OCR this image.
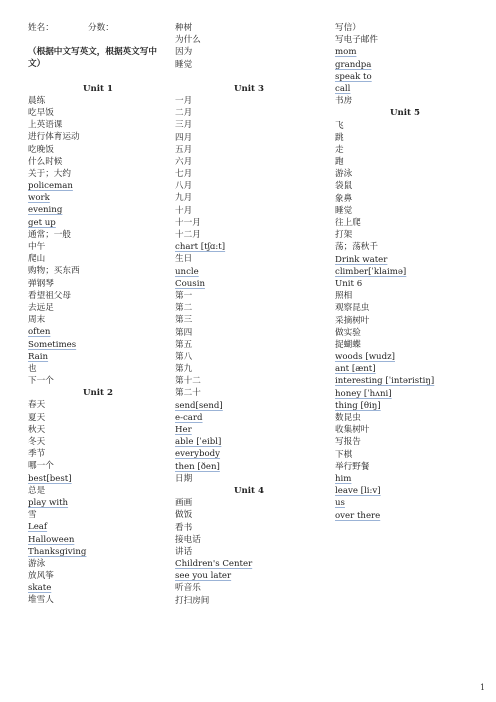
姓名：	分数：
（根据中文写英文，根据英文写中文）
Unit 1
晨练
吃早饭
上英语课
进行体育运动
吃晚饭
什么时候
关于；大约
policeman
work
evening
get up
通常；一般
中午
爬山
购物；买东西
弹钢琴
看望祖父母
去远足
周末
often
Sometimes
Rain
也
下一个
Unit 2
春天
夏天
秋天
冬天
季节
哪一个
best[best]
总是
play with
雪
Leaf
Halloween
Thanksgiving
游泳
放风筝
skate
堆雪人
种树
为什么
因为
睡觉
Unit 3
一月
二月
三月
四月
五月
六月
七月
八月
九月
十月
十一月
十二月
chart [tʃɑ:t]
生日
uncle
Cousin
第一
第二
第三
第四
第五
第八
第九
第十二
第二十
send[send]
e-card
Her
able [ˈeibl]
everybody
then [ðen]
日期
Unit 4
画画
做饭
看书
接电话
讲话
Children's Center
see you later
听音乐
打扫房间
写信）
写电子邮件
mom
grandpa
speak to
call
书房
Unit 5
飞
跳
走
跑
游泳
袋鼠
象鼻
睡觉
往上爬
打架
荡；荡秋千
Drink water
climber[ˈklaimə]
Unit 6
照相
观察昆虫
采摘树叶
做实验
捉蝴蝶
woods [wudz]
ant [ænt]
interesting [ˈintəristiŋ]
honey [ˈhʌni]
thing [θiŋ]
数昆虫
收集树叶
写报告
下棋
举行野餐
him
leave [li:v]
us
over there
1
